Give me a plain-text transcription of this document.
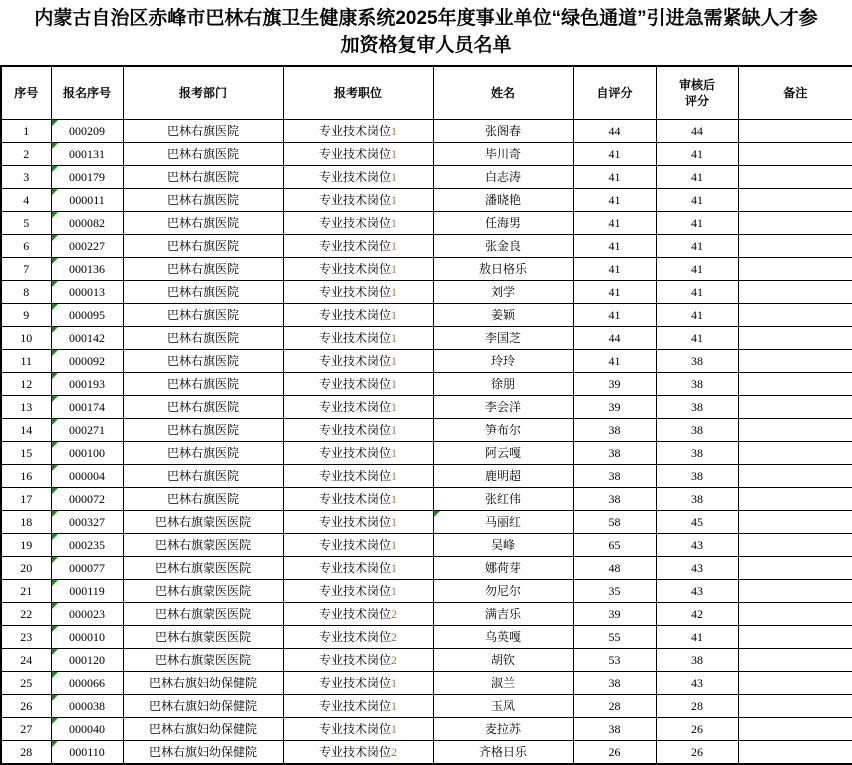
内蒙古自治区赤峰市巴林右旗卫生健康系统2025年度事业单位“绿色通道”引进急需紧缺人才参
加资格复审人员名单
序号	报名序号	报考部门	报考职位	姓名	自评分	审核后评分	备注
1	000209	巴林右旗医院	专业技术岗位1	张阁春	44	44	
2	000131	巴林右旗医院	专业技术岗位1	毕川奇	41	41	
3	000179	巴林右旗医院	专业技术岗位1	白志涛	41	41	
4	000011	巴林右旗医院	专业技术岗位1	潘晓艳	41	41	
5	000082	巴林右旗医院	专业技术岗位1	任海男	41	41	
6	000227	巴林右旗医院	专业技术岗位1	张金良	41	41	
7	000136	巴林右旗医院	专业技术岗位1	敖日格乐	41	41	
8	000013	巴林右旗医院	专业技术岗位1	刘学	41	41	
9	000095	巴林右旗医院	专业技术岗位1	姜颖	41	41	
10	000142	巴林右旗医院	专业技术岗位1	李国芝	44	41	
11	000092	巴林右旗医院	专业技术岗位1	玲玲	41	38	
12	000193	巴林右旗医院	专业技术岗位1	徐朋	39	38	
13	000174	巴林右旗医院	专业技术岗位1	李会洋	39	38	
14	000271	巴林右旗医院	专业技术岗位1	笋布尔	38	38	
15	000100	巴林右旗医院	专业技术岗位1	阿云嘎	38	38	
16	000004	巴林右旗医院	专业技术岗位1	鹿明超	38	38	
17	000072	巴林右旗医院	专业技术岗位1	张红伟	38	38	
18	000327	巴林右旗蒙医医院	专业技术岗位1	马丽红	58	45	
19	000235	巴林右旗蒙医医院	专业技术岗位1	吴峰	65	43	
20	000077	巴林右旗蒙医医院	专业技术岗位1	娜荷芽	48	43	
21	000119	巴林右旗蒙医医院	专业技术岗位1	勿尼尔	35	43	
22	000023	巴林右旗蒙医医院	专业技术岗位2	满吉乐	39	42	
23	000010	巴林右旗蒙医医院	专业技术岗位2	乌英嘎	55	41	
24	000120	巴林右旗蒙医医院	专业技术岗位2	胡钦	53	38	
25	000066	巴林右旗妇幼保健院	专业技术岗位1	淑兰	38	43	
26	000038	巴林右旗妇幼保健院	专业技术岗位1	玉凤	28	28	
27	000040	巴林右旗妇幼保健院	专业技术岗位1	麦拉苏	38	26	
28	000110	巴林右旗妇幼保健院	专业技术岗位2	齐格日乐	26	26	
